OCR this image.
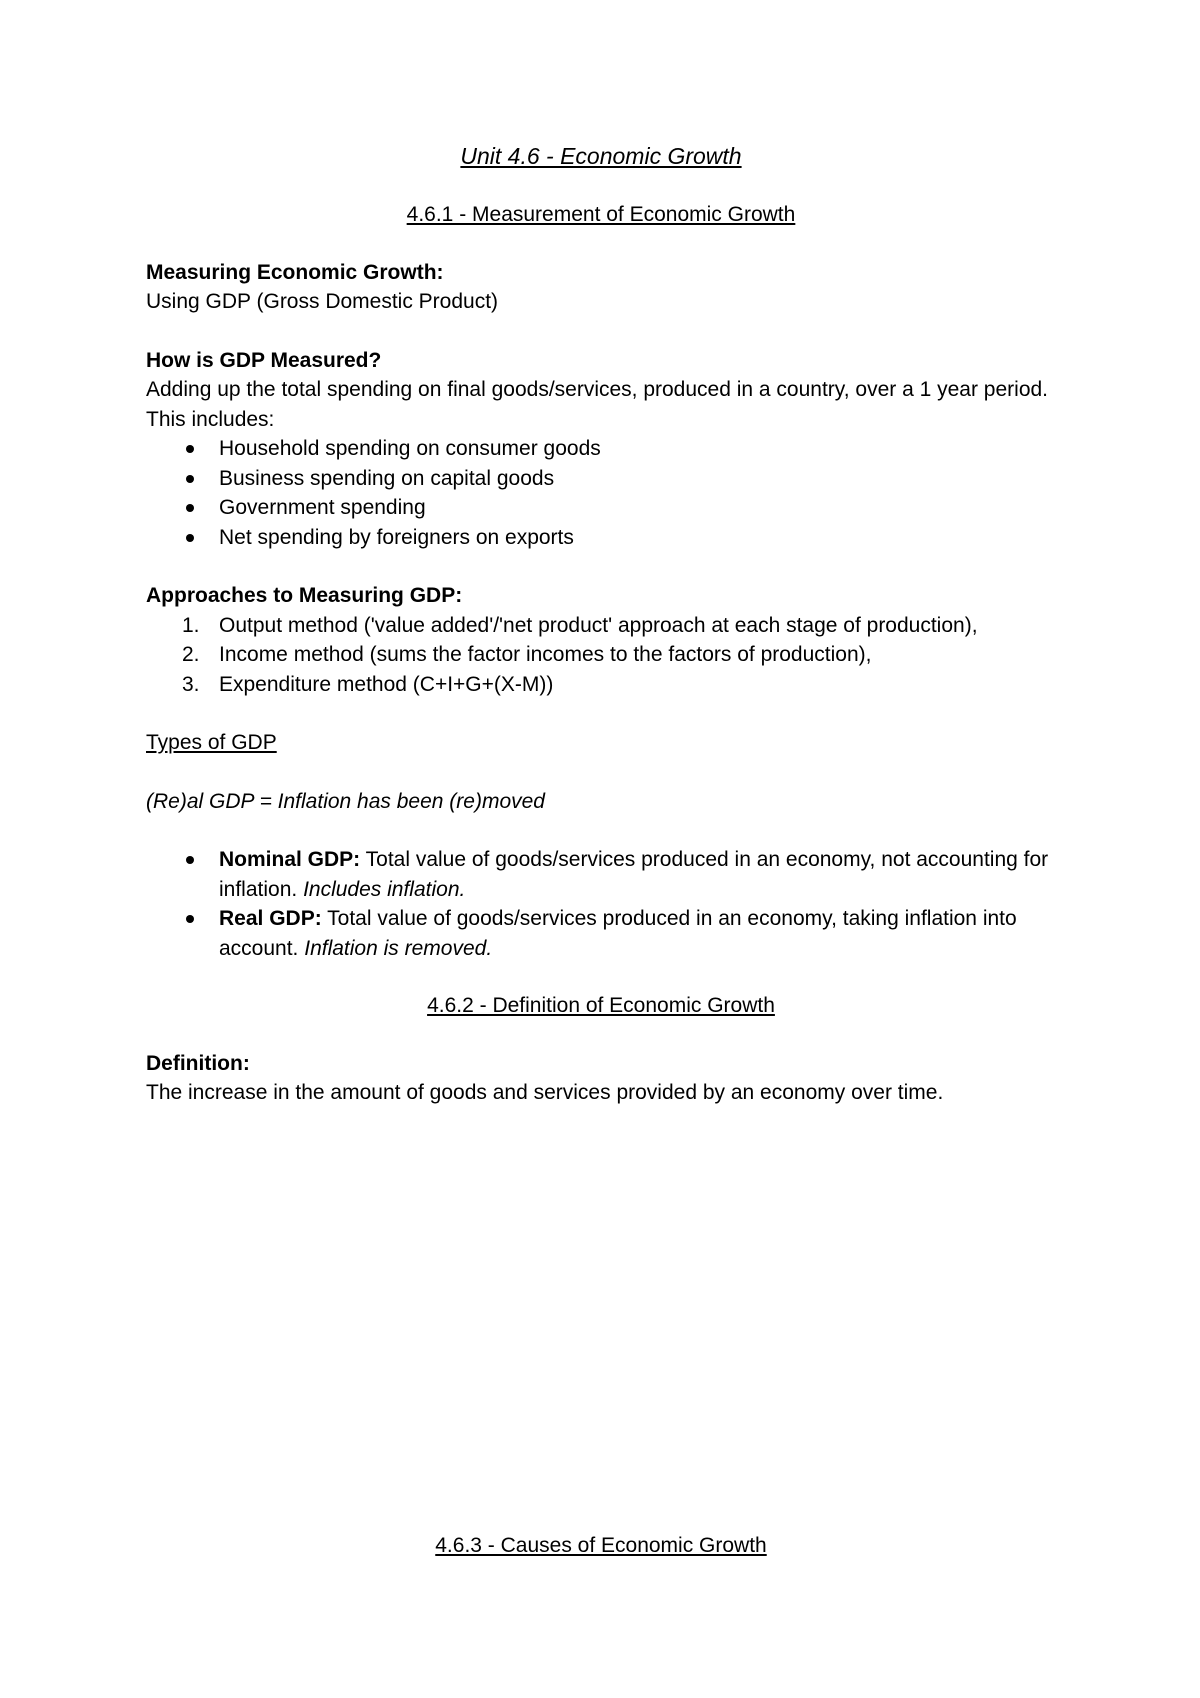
Unit 4.6 - Economic Growth

4.6.1 - Measurement of Economic Growth

Measuring Economic Growth:

Using GDP (Gross Domestic Product)

How is GDP Measured?

Adding up the total spending on final goods/services, produced in a country, over a 1 year period. This includes:

Household spending on consumer goods
Business spending on capital goods
Government spending
Net spending by foreigners on exports

Approaches to Measuring GDP:

1. Output method ('value added'/'net product' approach at each stage of production),
2. Income method (sums the factor incomes to the factors of production),
3. Expenditure method (C+I+G+(X-M))

Types of GDP

(Re)al GDP = Inflation has been (re)moved

Nominal GDP: Total value of goods/services produced in an economy, not accounting for inflation. Includes inflation.
Real GDP: Total value of goods/services produced in an economy, taking inflation into account. Inflation is removed.

4.6.2 - Definition of Economic Growth

Definition:

The increase in the amount of goods and services provided by an economy over time.

4.6.3 - Causes of Economic Growth
